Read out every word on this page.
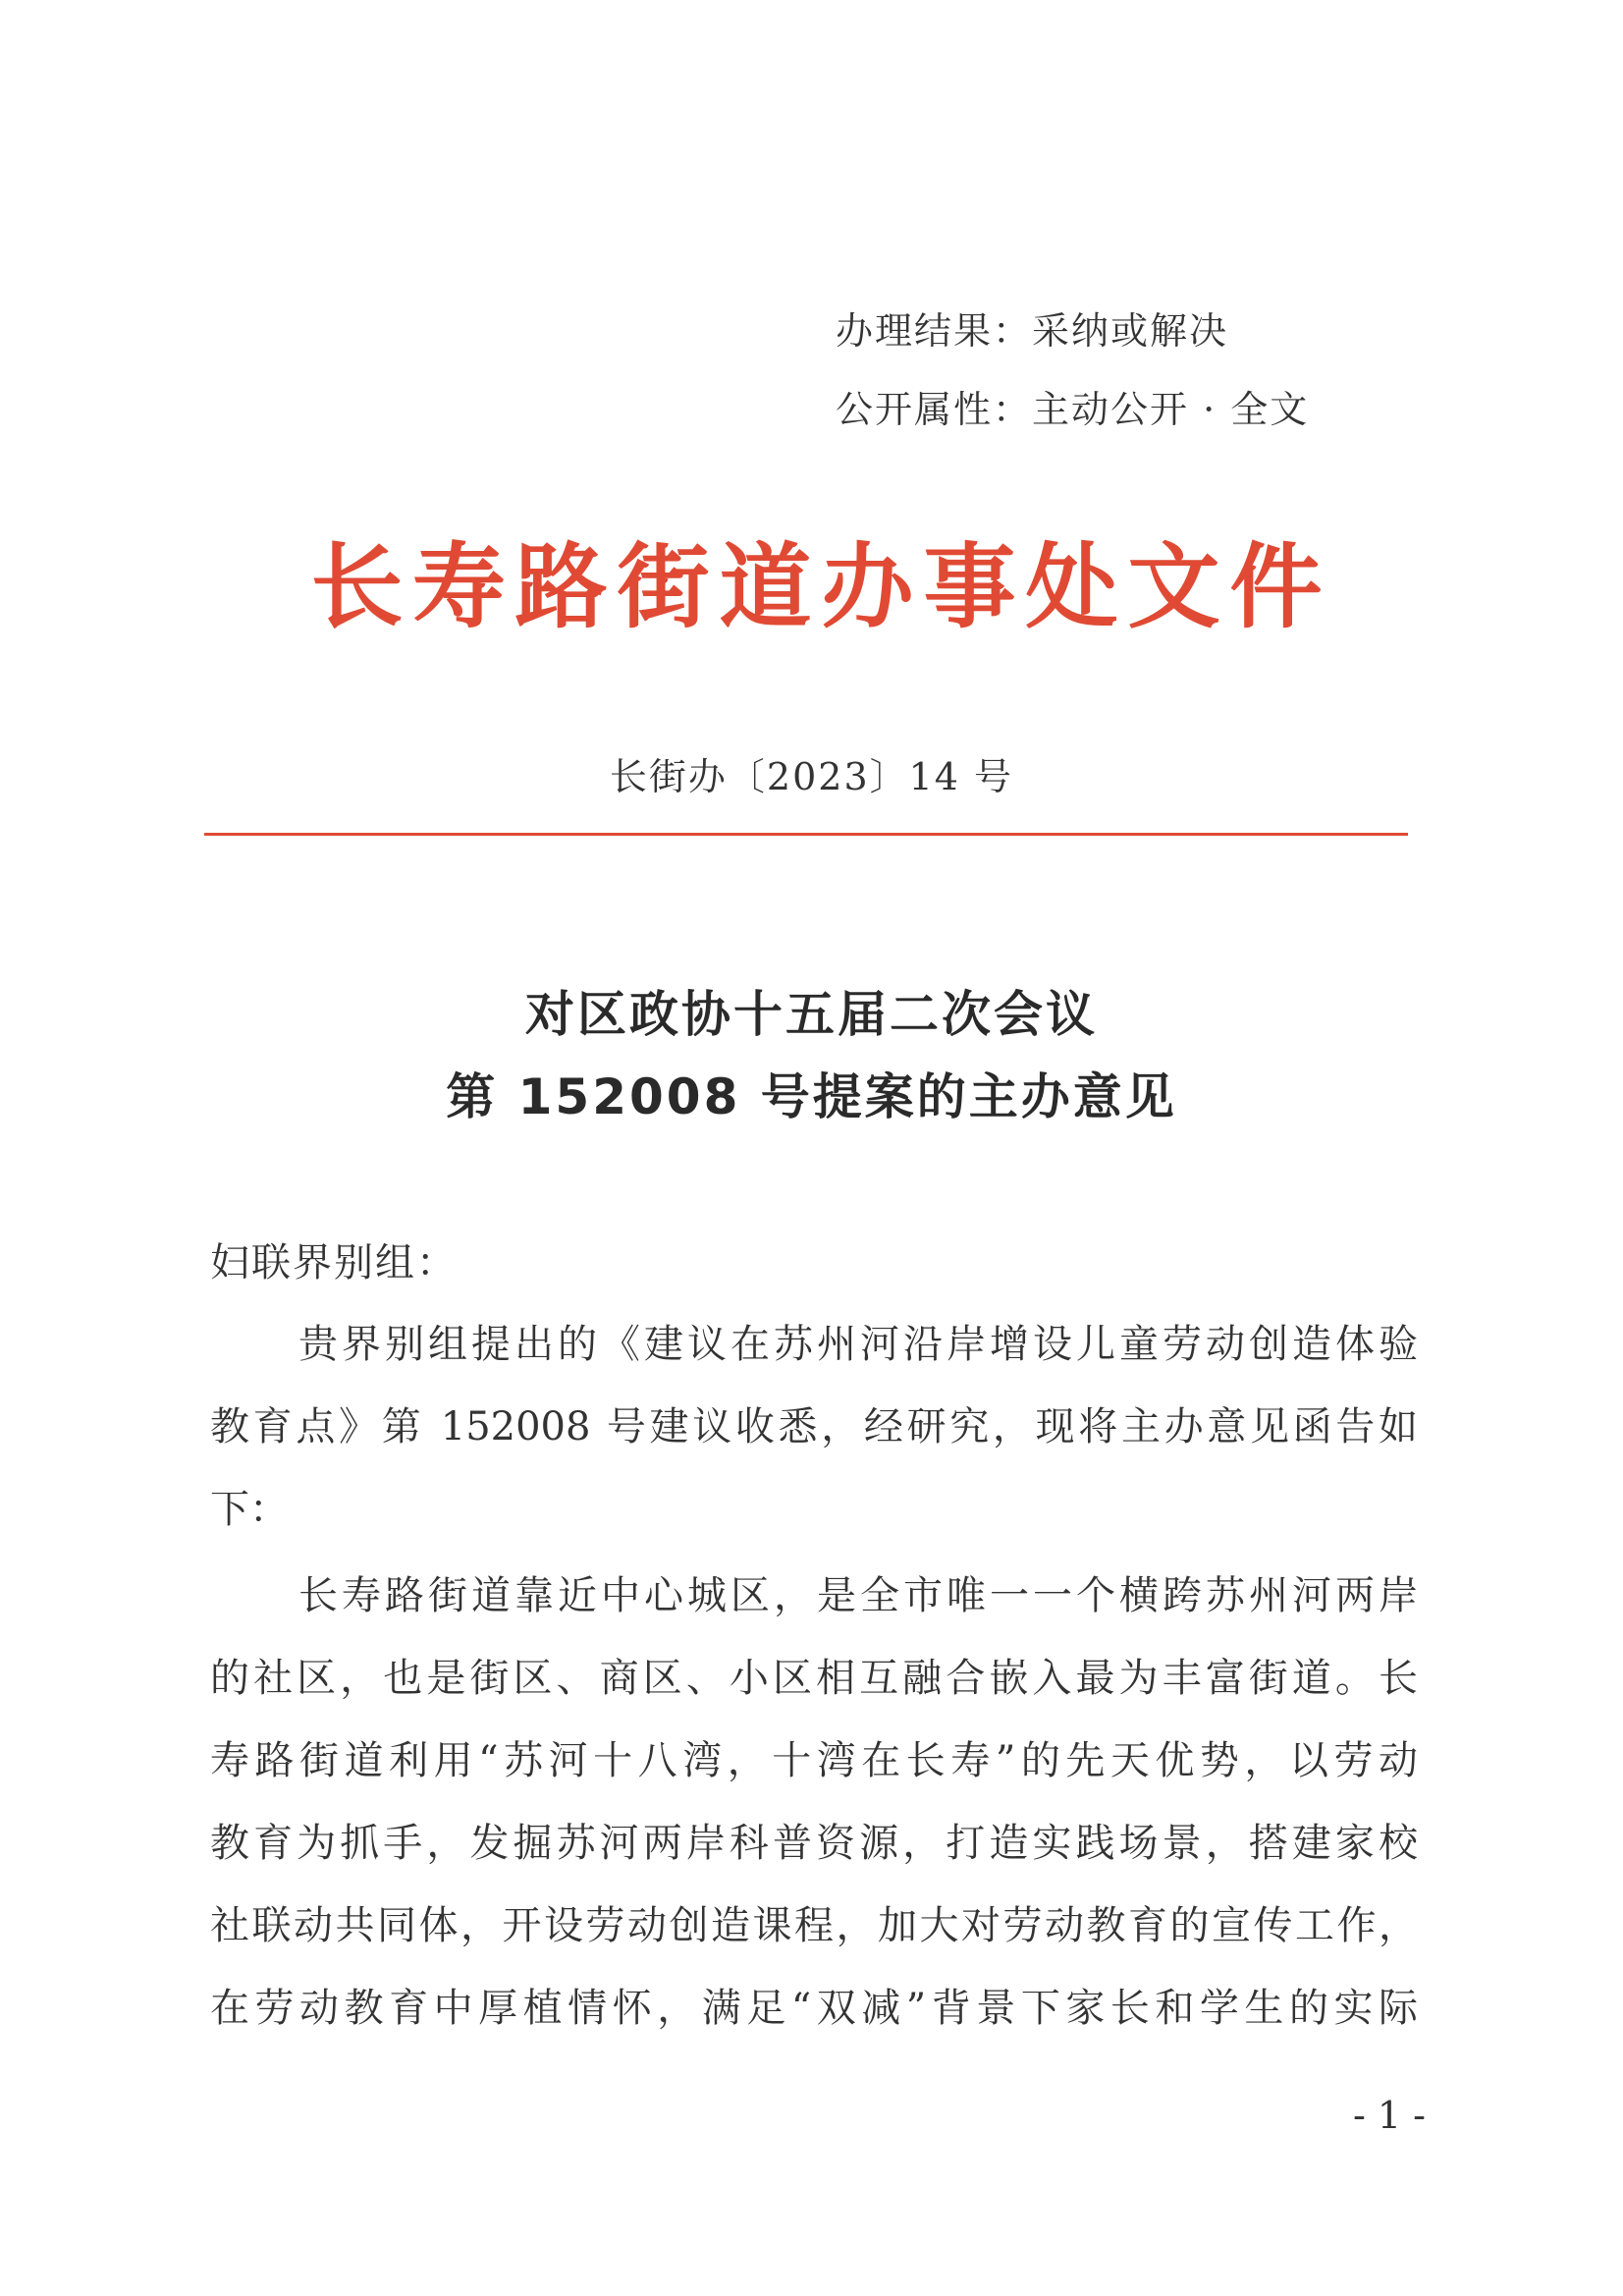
办理结果：采纳或解决
公开属性：主动公开 · 全文
长寿路街道办事处文件
长街办〔2023〕14 号
对区政协十五届二次会议
第 152008 号提案的主办意见
妇联界别组：
贵界别组提出的《建议在苏州河沿岸增设儿童劳动创造体验
教育点》第 152008 号建议收悉，经研究，现将主办意见函告如
下：
长寿路街道靠近中心城区，是全市唯一一个横跨苏州河两岸
的社区，也是街区、商区、小区相互融合嵌入最为丰富街道。长
寿路街道利用“苏河十八湾，十湾在长寿”的先天优势，以劳动
教育为抓手，发掘苏河两岸科普资源，打造实践场景，搭建家校
社联动共同体，开设劳动创造课程，加大对劳动教育的宣传工作，
在劳动教育中厚植情怀，满足“双减”背景下家长和学生的实际
- 1 -
